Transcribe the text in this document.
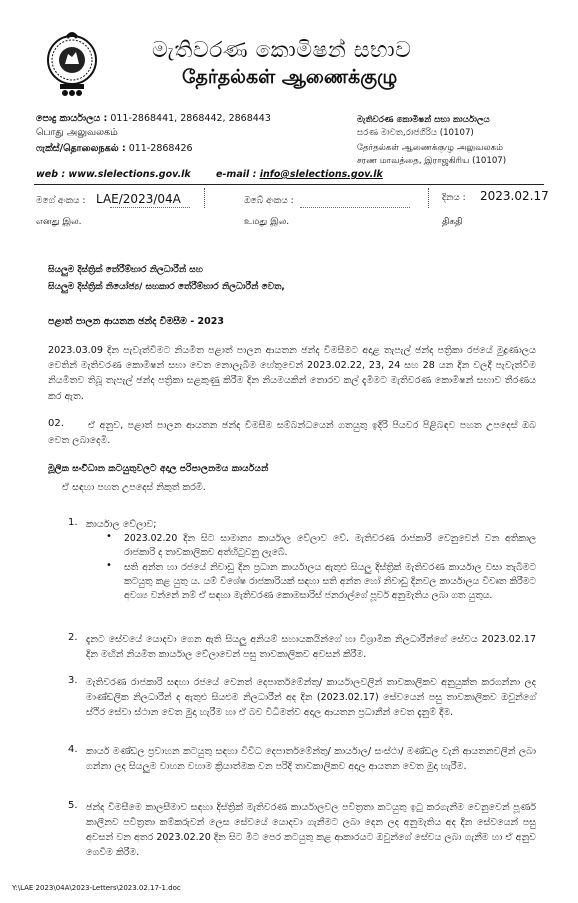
මැතිවරණ කොමිෂන් සභාව
தேர்தல்கள் ஆணைக்குழு
පොදු කාර්යාලය : 011-2868441, 2868442, 2868443
பொது அலுவலகம்
ෆැක්ස්/தொலைநகல் : 011-2868426
මැතිවරණ කොමිෂන් සභා කාර්යාලය
සරණ මාවත,රාජගිරිය (10107)
தேர்தல்கள் ஆணைக்குழு அலுவலகம்
சரண மாவத்தை, இராஜகிரிய (10107)
web : www.slelections.gov.lk	e-mail : info@slelections.gov.lk
මගේ අංකය : LAE/2023/04A
எனது இல.
ඔබේ අංකය :
உமது இல.
දිනය : 2023.02.17
திகதி
සියලුම දිස්ත්‍රික් තේරීම්භාර නිලධාරීන් සහ
සියලුම දිස්ත්‍රික් නියෝජ්‍ය/ සහකාර තේරීම්භාර නිලධාරීන් වෙත,
පළාත් පාලන ආයතන ඡන්ද විමසීම - 2023
2023.03.09 දින පැවැත්වීමට නියමිත පළාත් පාලන ආයතන ඡන්ද විමසීමට අදාළ තැපැල් ඡන්ද පත්‍රිකා රජයේ මුද්‍රණාලය වෙතින් මැතිවරණ කොමිෂන් සභා වෙත නොලැබීම හේතුවෙන් 2023.02.22, 23, 24 සහ 28 යන දින වලදී පැවැත්වීම නියමිතව තිබූ තැපැල් ඡන්ද පත්‍රිකා සළකුණු කිරීම දින නියමයකින් තොරව කල් දැමීමට මැතිවරණ කොමිෂන් සභාව තීරණය කර ඇත.
02.	ඒ අනුව, පළාත් පාලන ආයතන ඡන්ද විමසීම සම්බන්ධයෙන් ගතයුතු ඉදිරි පියවර පිළිබඳව පහත උපදෙස් ඔබ වෙත ලබාදෙමි.
මූලික සංවිධාන කටයුතුවලට අදාල පරිපාලනමය කාර්යයන්
ඒ සඳහා පහත උපදෙස් නිකුත් කරමි.
1. කාර්යාල වේලාව;
• 2023.02.20 දින සිට සාමාන්‍ය කාර්යාල වේලාව වේ. මැතිවරණ රාජකාරි වෙනුවෙන් වන අතිකාල රාජකාරි ද තාවකාලිකව අත්හිටුවනු ලැබේ.
• සති අන්ත හා රජයේ නිවාඩු දින ප්‍රධාන කාර්යාලය ඇතුළු සියලු දිස්ත්‍රික් මැතිවරණ කාර්යාල වසා තැබීමට කටයුතු කළ යුතු ය. යම් විශේෂ රාජකාරියක් සඳහා සති අන්ත හෝ නිවාඩු දිනවල කාර්යාලය විවෘත කිරීමට අවශ්‍ය වන්නේ නම් ඒ සඳහා මැතිවරණ කොමසාරිස් ජනරාල්ගේ පූර්ව අනුමැතිය ලබා ගත යුතුය.
2. දැනට සේවයේ යොදවා ගෙන ඇති සියලු අනියම් සහායකයින්ගේ හා විශ්‍රාමික නිලධාරීන්ගේ සේවය 2023.02.17 දින මඟින් නියමිත කාර්යාල වේලාවෙන් පසු තාවකාලිකව අවසන් කිරීම.
3. මැතිවරණ රාජකාරි සඳහා රජයේ වෙනත් දෙපාර්තමේන්තු/ කාර්යාලවලින් තාවකාලිකව අනුයුක්ත කරගන්නා ලද මාණ්ඩලික නිලධාරීන් ද ඇතුළු සියළුම නිලධාරීන් අද දින (2023.02.17) සේවයෙන් පසු තාවකාලිකව ඔවුන්ගේ ස්ථිර සේවා ස්ථාන වෙත මුදා හැරීම හා ඒ බව විධිමත්ව අදාල ආයතන ප්‍රධානීන් වෙත දැනුම් දීම.
4. කාර්ය මණ්ඩල ප්‍රවාහන කටයුතු සඳහා විවිධ දෙපාර්තමේන්තු/ කාර්යාල/ සංස්ථා/ මණ්ඩල වැනි ආයතනවලින් ලබා ගන්නා ලද සියලුම වාහන වහාම ක්‍රියාත්මක වන පරිදි තාවකාලිකව අදාල ආයතන වෙත මුදා හැරීම.
5. ඡන්ද විමසීමෙ කාලසීමාව සඳහා දිස්ත්‍රික් මැතිවරණ කාර්යාලවල පවිත්‍රතා කටයුතු ඉටු කරගැනීම වෙනුවෙන් පූර්ණ කාලීනව පවිත්‍රතා කම්කරුවන් ලෙස සේවයේ යොදවා ගැනීමට ලබා දෙන ලද අනුමැතිය අද දින සේවයෙන් පසු අවසන් වන අතර 2023.02.20 දින සිට මීට පෙර කටයුතු කළ ආකාරයට ඔවුන්ගේ සේවය ලබා ගැනීම හා ඒ අනුව ගෙවීම කිරීම.
Y:\LAE 2023\04A\2023-Letters\2023.02.17-1.doc
